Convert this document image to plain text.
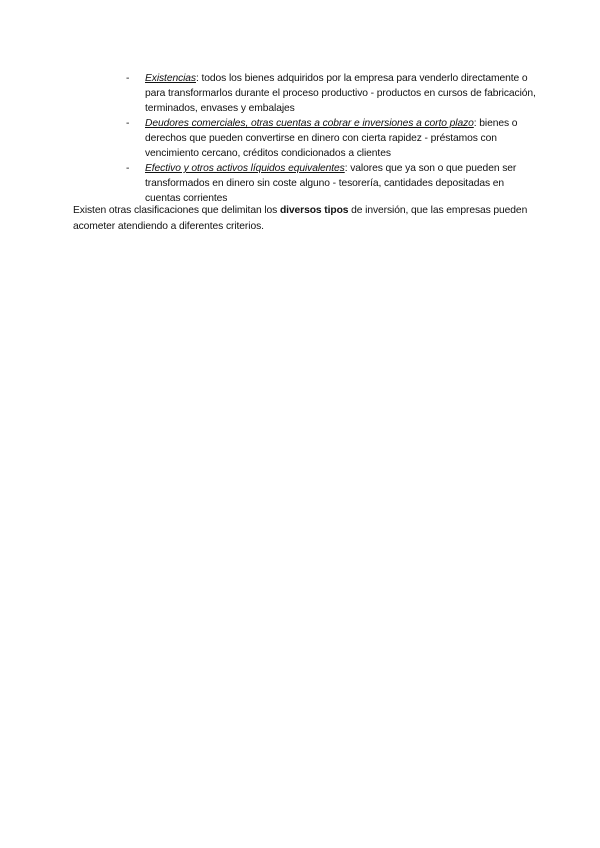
- Existencias: todos los bienes adquiridos por la empresa para venderlo directamente o para transformarlos durante el proceso productivo - productos en cursos de fabricación, terminados, envases y embalajes
- Deudores comerciales, otras cuentas a cobrar e inversiones a corto plazo: bienes o derechos que pueden convertirse en dinero con cierta rapidez - préstamos con vencimiento cercano, créditos condicionados a clientes
- Efectivo y otros activos líquidos equivalentes: valores que ya son o que pueden ser transformados en dinero sin coste alguno - tesorería, cantidades depositadas en cuentas corrientes

Existen otras clasificaciones que delimitan los diversos tipos de inversión, que las empresas pueden acometer atendiendo a diferentes criterios.
